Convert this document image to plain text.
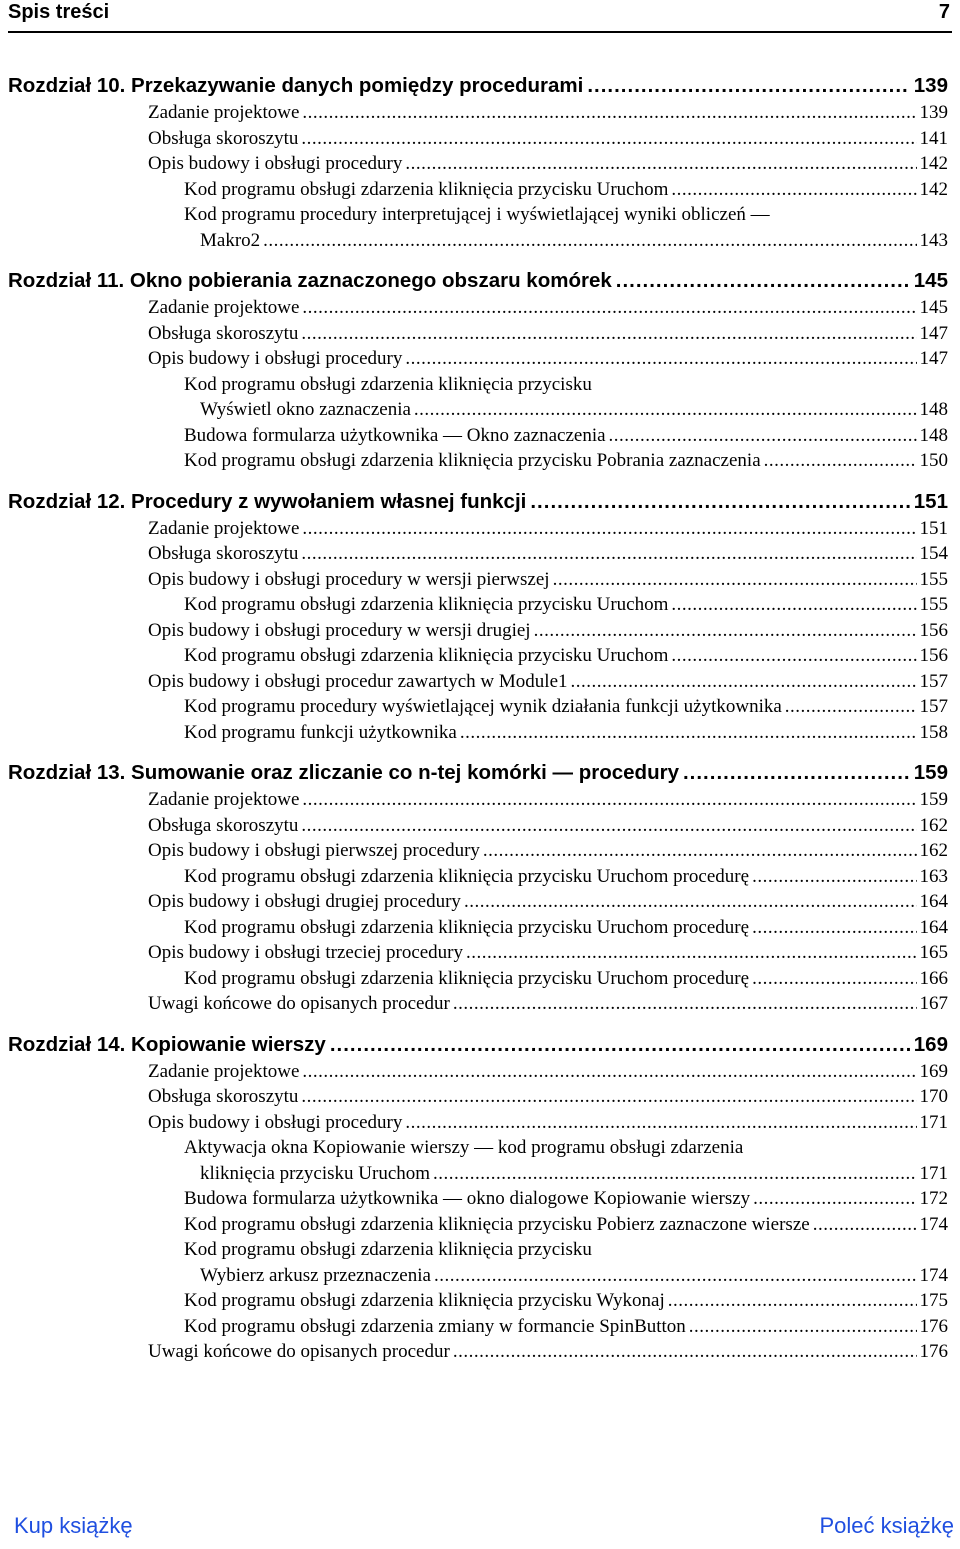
Spis treści	7
Rozdział 10. Przekazywanie danych pomiędzy procedurami .....	139
Zadanie projektowe .....	139
Obsługa skoroszytu .....	141
Opis budowy i obsługi procedury .....	142
Kod programu obsługi zdarzenia kliknięcia przycisku Uruchom .....	142
Kod programu procedury interpretującej i wyświetlającej wyniki obliczeń —
Makro2 .....	143
Rozdział 11. Okno pobierania zaznaczonego obszaru komórek .....	145
Zadanie projektowe .....	145
Obsługa skoroszytu .....	147
Opis budowy i obsługi procedury .....	147
Kod programu obsługi zdarzenia kliknięcia przycisku
Wyświetl okno zaznaczenia .....	148
Budowa formularza użytkownika — Okno zaznaczenia .....	148
Kod programu obsługi zdarzenia kliknięcia przycisku Pobrania zaznaczenia .....	150
Rozdział 12. Procedury z wywołaniem własnej funkcji .....	151
Zadanie projektowe .....	151
Obsługa skoroszytu .....	154
Opis budowy i obsługi procedury w wersji pierwszej .....	155
Kod programu obsługi zdarzenia kliknięcia przycisku Uruchom .....	155
Opis budowy i obsługi procedury w wersji drugiej .....	156
Kod programu obsługi zdarzenia kliknięcia przycisku Uruchom .....	156
Opis budowy i obsługi procedur zawartych w Module1 .....	157
Kod programu procedury wyświetlającej wynik działania funkcji użytkownika .....	157
Kod programu funkcji użytkownika .....	158
Rozdział 13. Sumowanie oraz zliczanie co n-tej komórki — procedury .....	159
Zadanie projektowe .....	159
Obsługa skoroszytu .....	162
Opis budowy i obsługi pierwszej procedury .....	162
Kod programu obsługi zdarzenia kliknięcia przycisku Uruchom procedurę .....	163
Opis budowy i obsługi drugiej procedury .....	164
Kod programu obsługi zdarzenia kliknięcia przycisku Uruchom procedurę .....	164
Opis budowy i obsługi trzeciej procedury .....	165
Kod programu obsługi zdarzenia kliknięcia przycisku Uruchom procedurę .....	166
Uwagi końcowe do opisanych procedur .....	167
Rozdział 14. Kopiowanie wierszy .....	169
Zadanie projektowe .....	169
Obsługa skoroszytu .....	170
Opis budowy i obsługi procedury .....	171
Aktywacja okna Kopiowanie wierszy — kod programu obsługi zdarzenia
kliknięcia przycisku Uruchom .....	171
Budowa formularza użytkownika — okno dialogowe Kopiowanie wierszy .....	172
Kod programu obsługi zdarzenia kliknięcia przycisku Pobierz zaznaczone wiersze .....	174
Kod programu obsługi zdarzenia kliknięcia przycisku
Wybierz arkusz przeznaczenia .....	174
Kod programu obsługi zdarzenia kliknięcia przycisku Wykonaj .....	175
Kod programu obsługi zdarzenia zmiany w formancie SpinButton .....	176
Uwagi końcowe do opisanych procedur .....	176
Kup książkę	Poleć książkę
